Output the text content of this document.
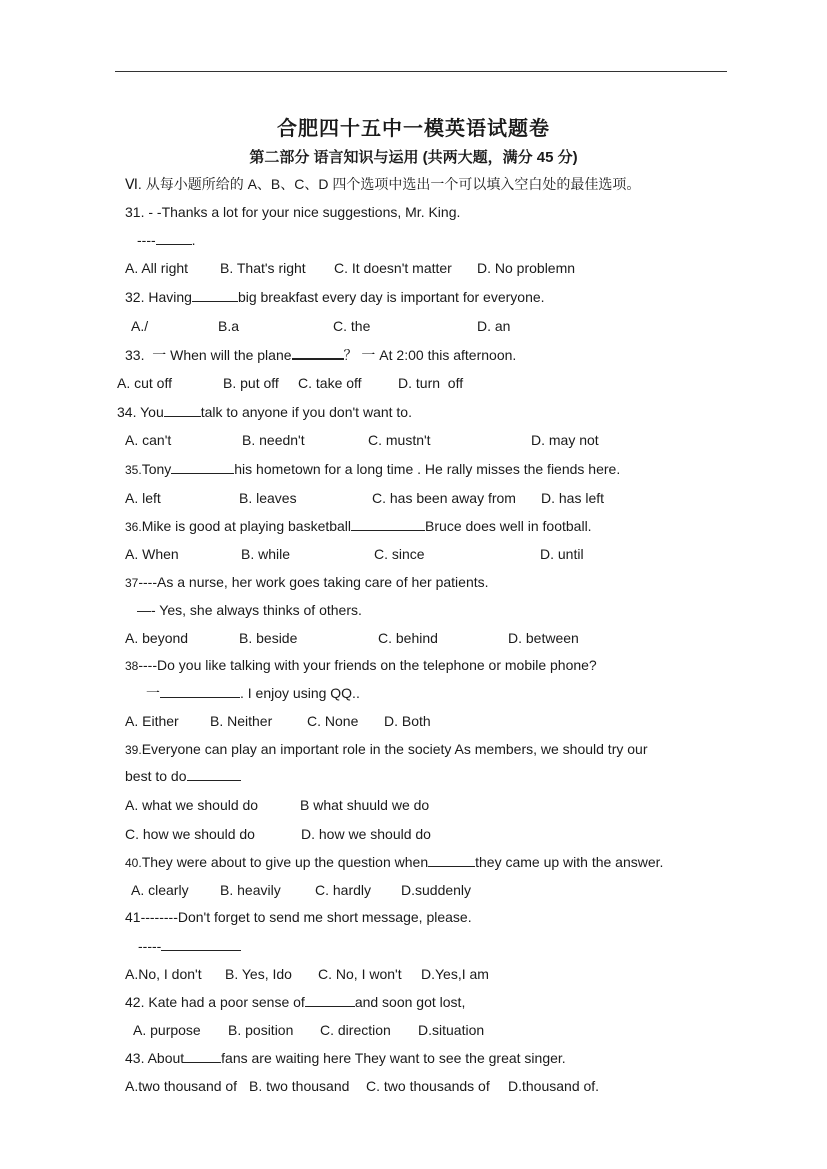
合肥四十五中一模英语试题卷
第二部分 语言知识与运用 (共两大题，满分 45 分)
Ⅵ. 从每小题所给的 A、B、C、D 四个选项中选出一个可以填入空白处的最佳选项。
31. - -Thanks a lot for your nice suggestions, Mr. King.
----	.
A. All right B. That's right C. It doesn't matter D. No problemn
32. Having	big breakfast every day is important for everyone.
A./	B.a	C. the	D. an
33.  一 When will the plane	？ 一 At 2:00 this afternoon.
A. cut off	B. put off C. take off	D. turn  off
34. You	talk to anyone if you don't want to.
A. can't	B. needn't	C. mustn't	D. may not
35.Tony	his hometown for a long time . He rally misses the fiends here.
A. left	B. leaves	C. has been away from D. has left
36.Mike is good at playing basketball	Bruce does well in football.
A. When	B. while	C. since	D. until
37----As a nurse, her work goes taking care of her patients.
—- Yes, she always thinks of others.
A. beyond	B. beside	C. behind	D. between
38----Do you like talking with your friends on the telephone or mobile phone?
一	. I enjoy using QQ..
A. Either B. Neither C. None D. Both
39.Everyone can play an important role in the society As members, we should try our
best to do
A. what we should do	B what shuuld we do
C. how we should do	D. how we should do
40.They were about to give up the question when	they came up with the answer.
A. clearly B. heavily C. hardly D.suddenly
41--------Don't forget to send me short message, please.
-----
A.No, I don't B. Yes, Ido C. No, I won't D.Yes,I am
42. Kate had a poor sense of	and soon got lost,
A. purpose B. position C. direction D.situation
43. About	fans are waiting here They want to see the great singer.
A.two thousand of B. two thousand C. two thousands of D.thousand of.
